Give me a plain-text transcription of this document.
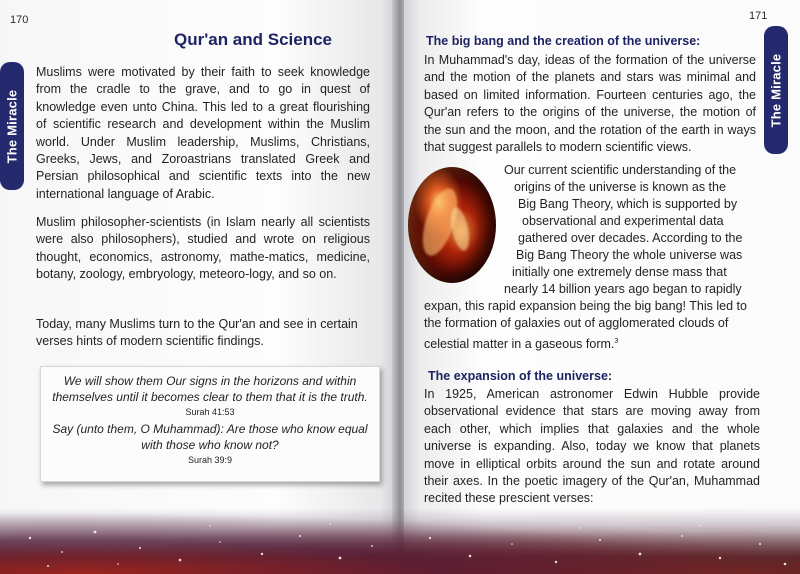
170
The Miracle
Qur'an and Science

Muslims were motivated by their faith to seek knowledge from the cradle to the grave, and to go in quest of knowledge even unto China. This led to a great flourishing of scientific research and development within the Muslim world. Under Muslim leadership, Muslims, Christians, Greeks, Jews, and Zoroastrians translated Greek and Persian philosophical and scientific texts into the new international language of Arabic.

Muslim philosopher-scientists (in Islam nearly all scientists were also philosophers), studied and wrote on religious thought, economics, astronomy, mathe-matics, medicine, botany, zoology, embryology, meteoro-logy, and so on.

Today, many Muslims turn to the Qur'an and see in certain verses hints of modern scientific findings.

We will show them Our signs in the horizons and within

themselves until it becomes clear to them that it is the truth.

Surah 41:53

Say (unto them, O Muhammad): Are those who know equal

with those who know not?

Surah 39:9

171
The Miracle
The big bang and the creation of the universe:

In Muhammad's day, ideas of the formation of the universe and the motion of the planets and stars was minimal and based on limited information. Fourteen centuries ago, the Qur'an refers to the origins of the universe, the motion of the sun and the moon, and the rotation of the earth in ways that suggest parallels to modern scientific views.

Our current scientific understanding of the

origins of the universe is known as the

Big Bang Theory, which is supported by

observational and experimental data

gathered over decades. According to the

Big Bang Theory the whole universe was

initially one extremely dense mass that

nearly 14 billion years ago began to rapidly

expan, this rapid expansion being the big bang! This led to the formation of galaxies out of agglomerated clouds of celestial matter in a gaseous form.$^3$

The expansion of the universe:

In 1925, American astronomer Edwin Hubble provide observational evidence that stars are moving away from each other, which implies that galaxies and the whole universe is expanding. Also, today we know that planets move in elliptical orbits around the sun and rotate around their axes. In the poetic imagery of the Qur'an, Muhammad recited these prescient verses:
